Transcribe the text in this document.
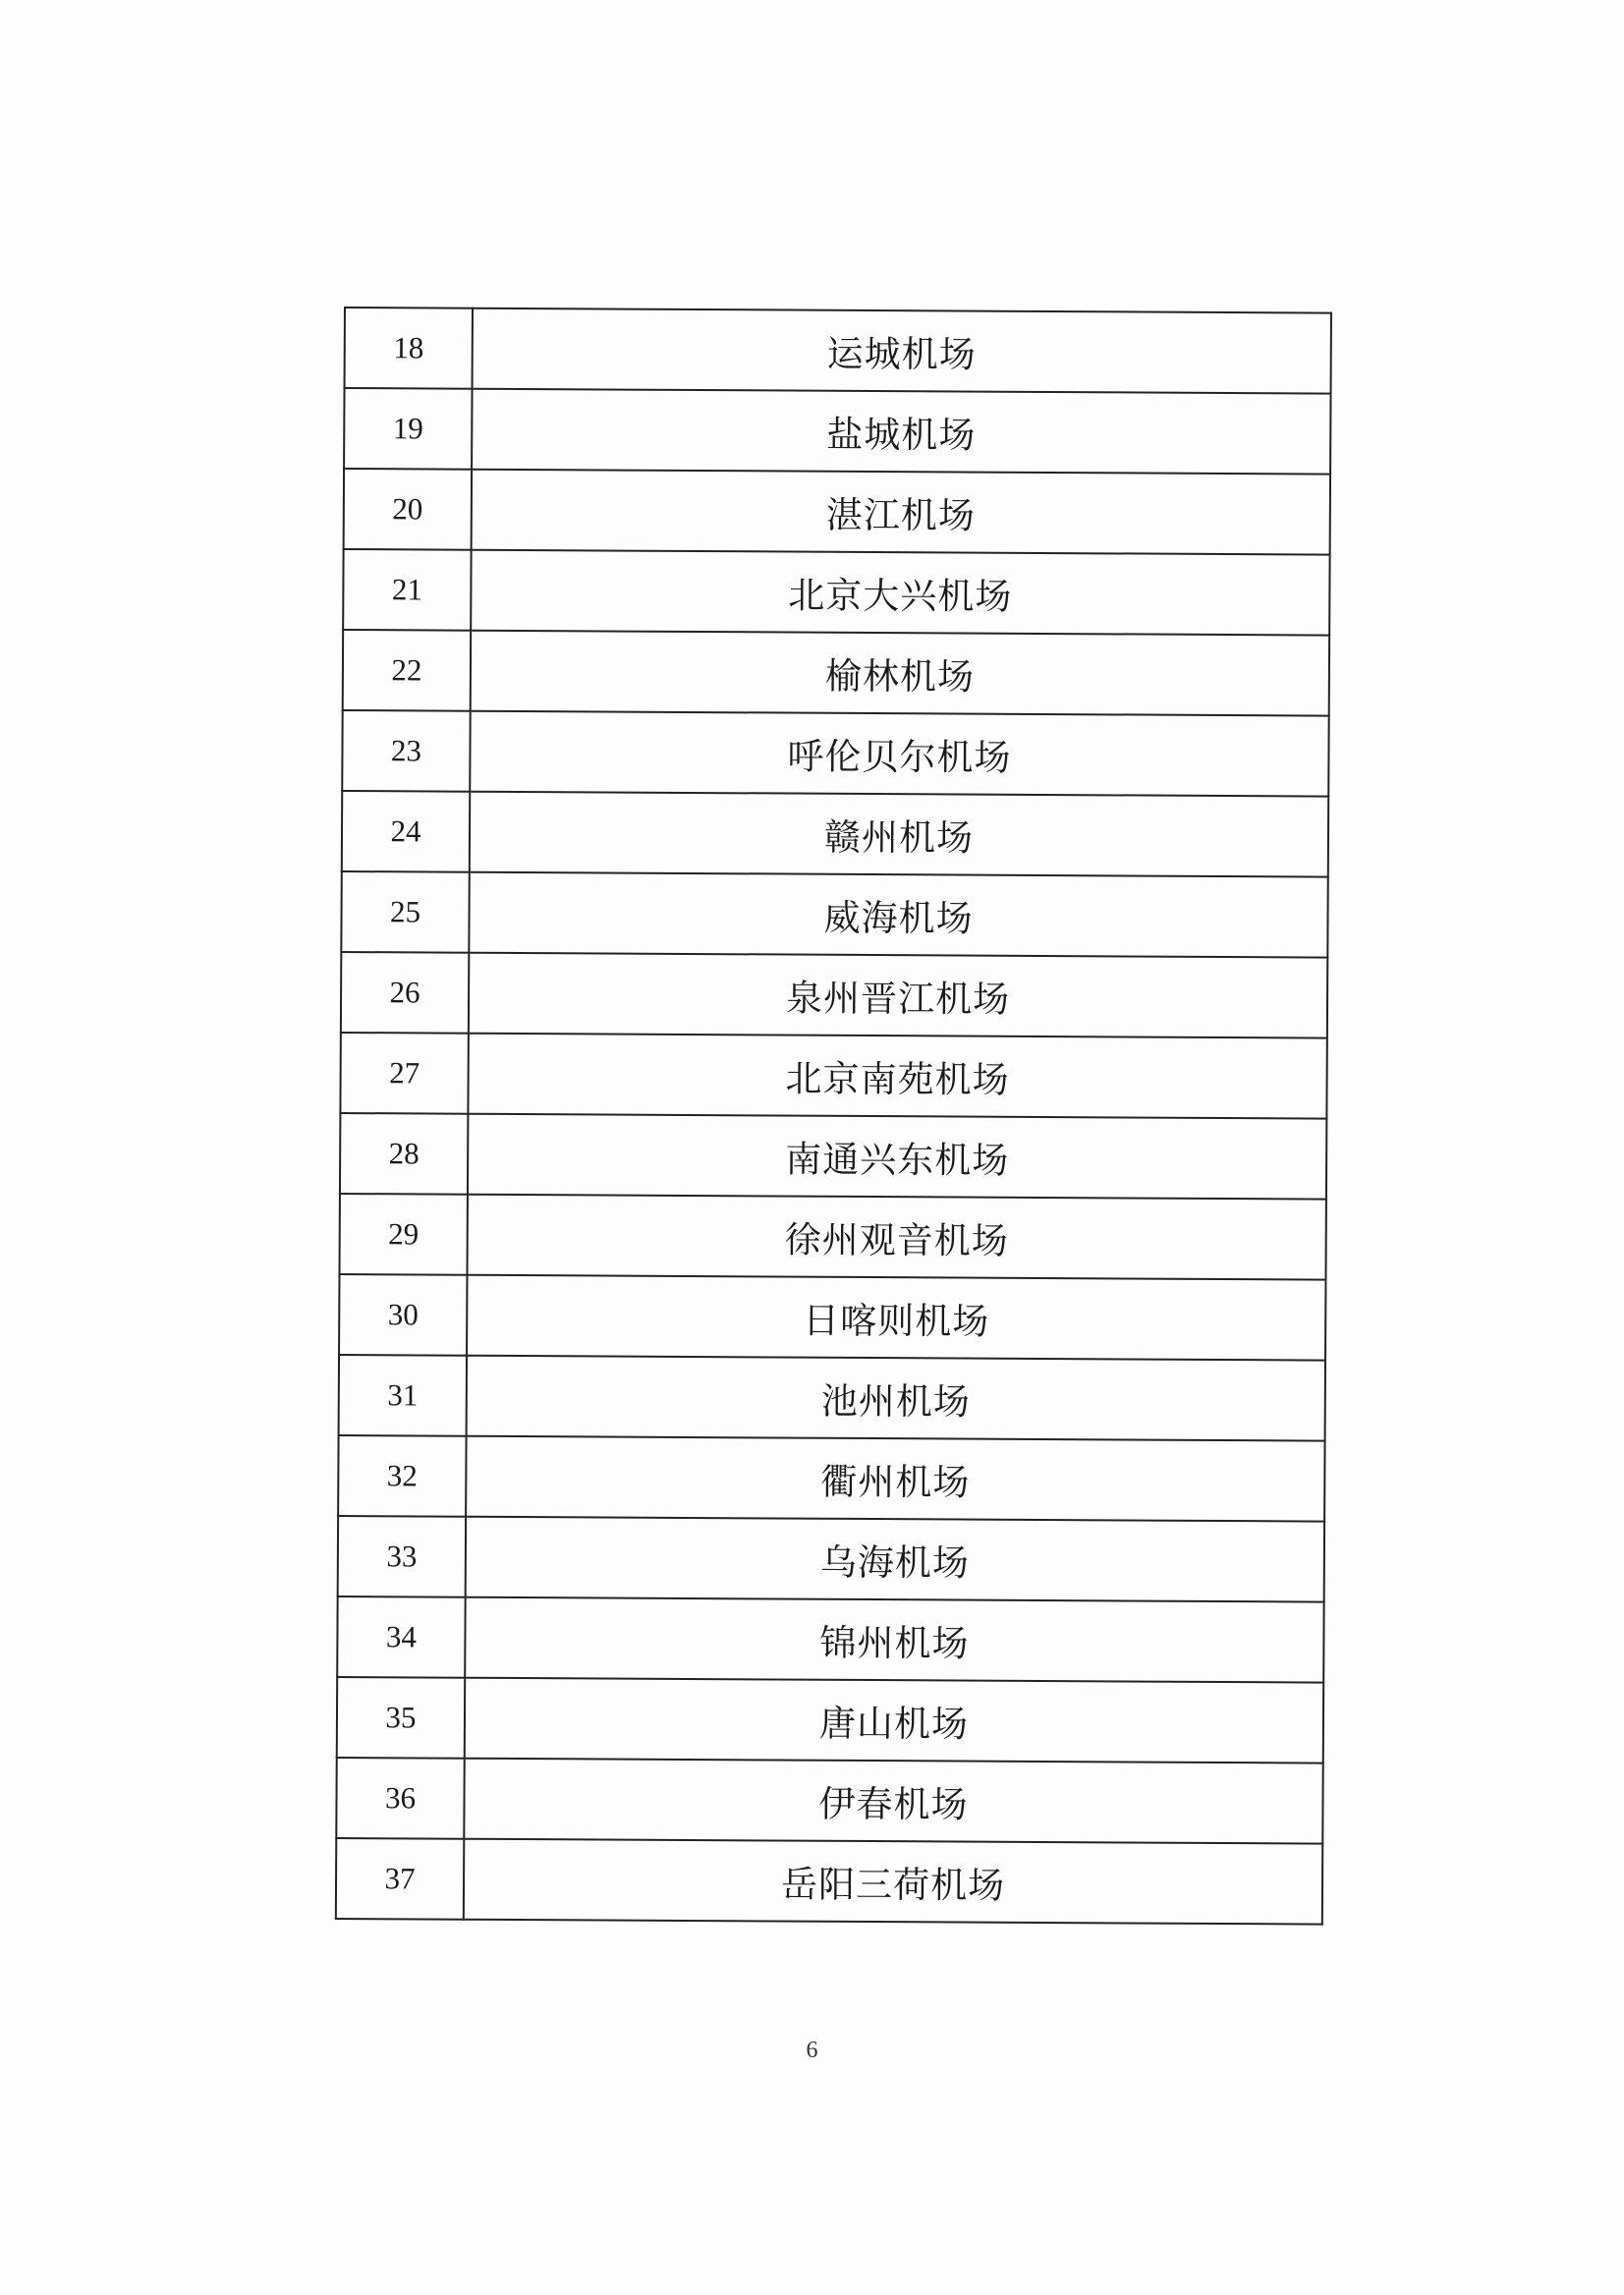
18	运城机场
19	盐城机场
20	湛江机场
21	北京大兴机场
22	榆林机场
23	呼伦贝尔机场
24	赣州机场
25	威海机场
26	泉州晋江机场
27	北京南苑机场
28	南通兴东机场
29	徐州观音机场
30	日喀则机场
31	池州机场
32	衢州机场
33	乌海机场
34	锦州机场
35	唐山机场
36	伊春机场
37	岳阳三荷机场
6
